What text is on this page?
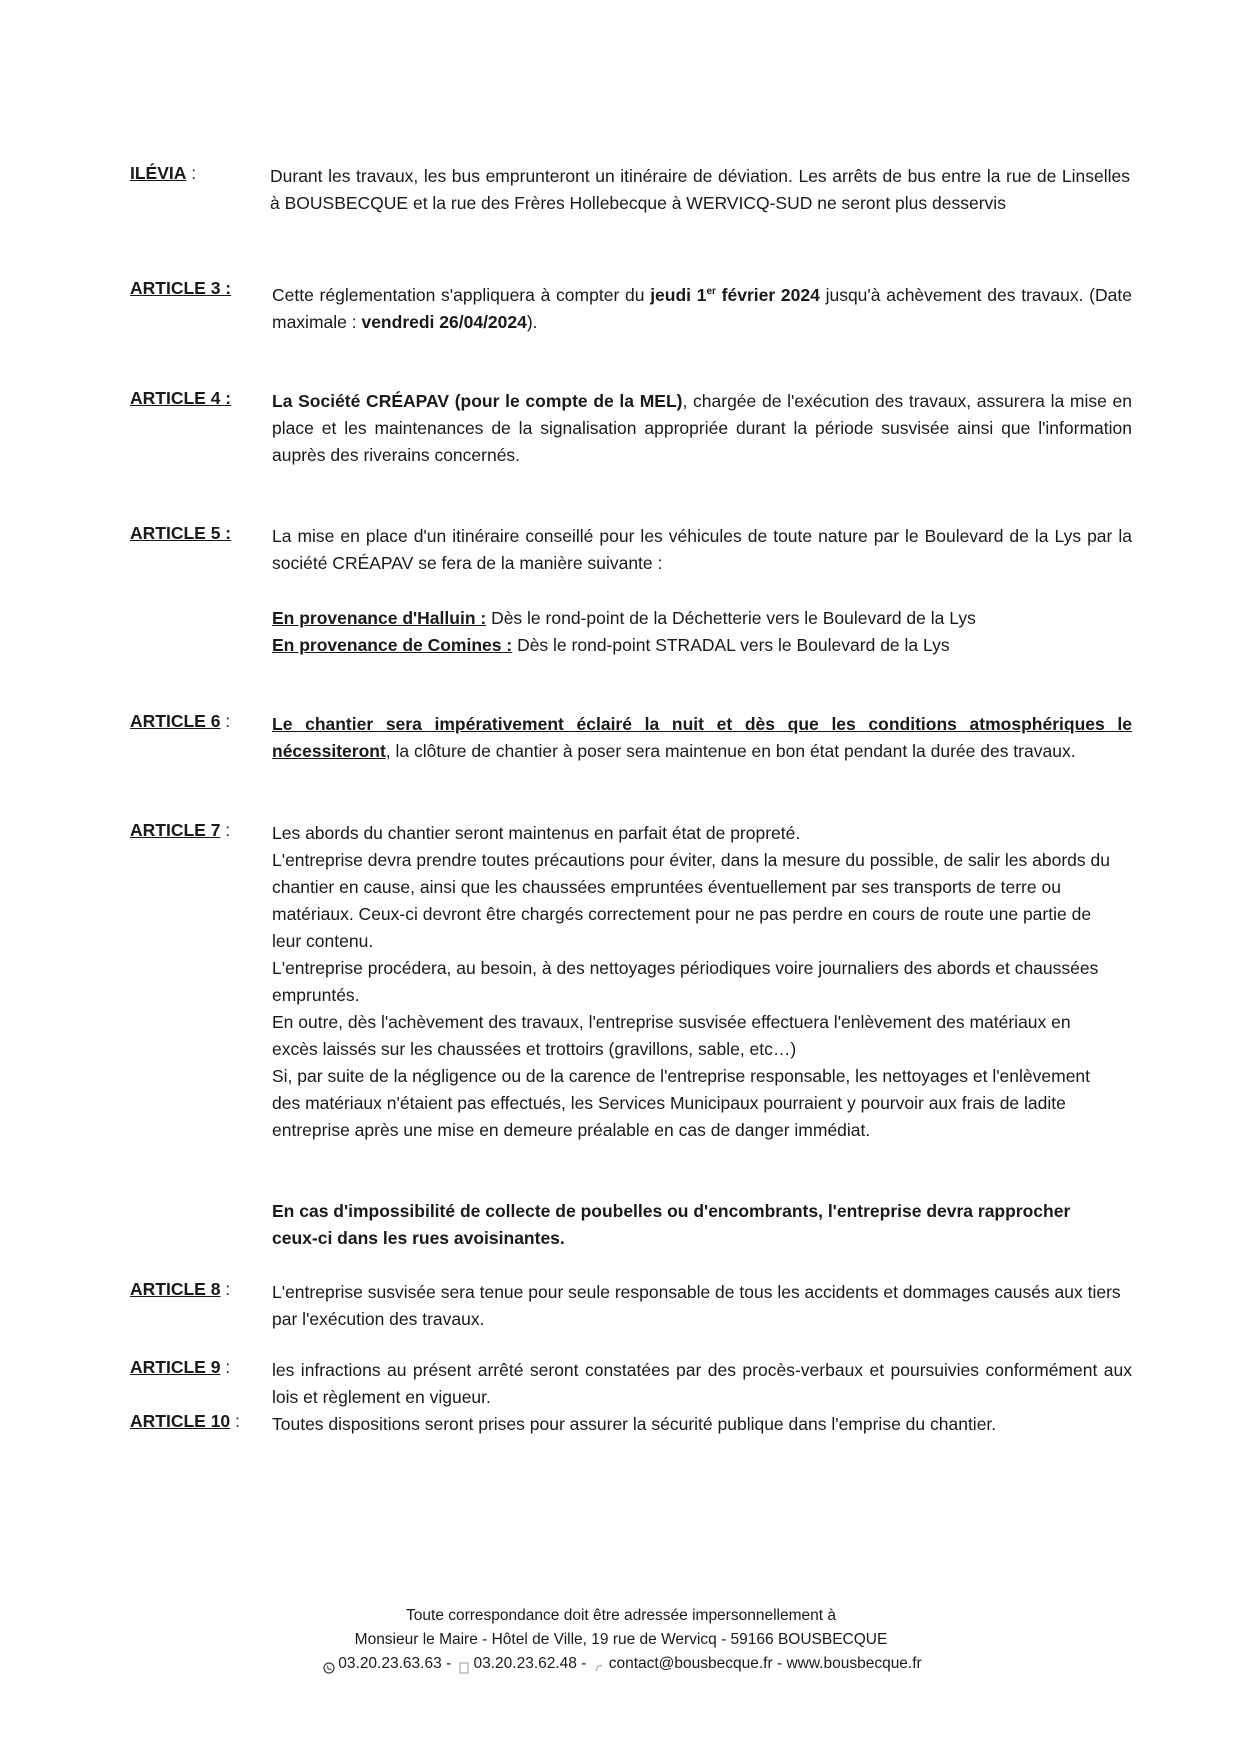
ILÉVIA :	Durant les travaux, les bus emprunteront un itinéraire de déviation. Les arrêts de bus entre la rue de Linselles à BOUSBECQUE et la rue des Frères Hollebecque à WERVICQ-SUD ne seront plus desservis
ARTICLE 3 : Cette réglementation s'appliquera à compter du jeudi 1er février 2024 jusqu'à achèvement des travaux. (Date maximale : vendredi 26/04/2024).
ARTICLE 4 : La Société CRÉAPAV (pour le compte de la MEL), chargée de l'exécution des travaux, assurera la mise en place et les maintenances de la signalisation appropriée durant la période susvisée ainsi que l'information auprès des riverains concernés.
ARTICLE 5 : La mise en place d'un itinéraire conseillé pour les véhicules de toute nature par le Boulevard de la Lys par la société CRÉAPAV se fera de la manière suivante :
En provenance d'Halluin : Dès le rond-point de la Déchetterie vers le Boulevard de la Lys
En provenance de Comines : Dès le rond-point STRADAL vers le Boulevard de la Lys
ARTICLE 6 : Le chantier sera impérativement éclairé la nuit et dès que les conditions atmosphériques le nécessiteront, la clôture de chantier à poser sera maintenue en bon état pendant la durée des travaux.
ARTICLE 7 : Les abords du chantier seront maintenus en parfait état de propreté.
L'entreprise devra prendre toutes précautions pour éviter, dans la mesure du possible, de salir les abords du chantier en cause, ainsi que les chaussées empruntées éventuellement par ses transports de terre ou matériaux. Ceux-ci devront être chargés correctement pour ne pas perdre en cours de route une partie de leur contenu.
L'entreprise procédera, au besoin, à des nettoyages périodiques voire journaliers des abords et chaussées empruntés.
En outre, dès l'achèvement des travaux, l'entreprise susvisée effectuera l'enlèvement des matériaux en excès laissés sur les chaussées et trottoirs (gravillons, sable, etc…)
Si, par suite de la négligence ou de la carence de l'entreprise responsable, les nettoyages et l'enlèvement des matériaux n'étaient pas effectués, les Services Municipaux pourraient y pourvoir aux frais de ladite entreprise après une mise en demeure préalable en cas de danger immédiat.
En cas d'impossibilité de collecte de poubelles ou d'encombrants, l'entreprise devra rapprocher ceux-ci dans les rues avoisinantes.
ARTICLE 8 : L'entreprise susvisée sera tenue pour seule responsable de tous les accidents et dommages causés aux tiers par l'exécution des travaux.
ARTICLE 9 : les infractions au présent arrêté seront constatées par des procès-verbaux et poursuivies conformément aux lois et règlement en vigueur.
ARTICLE 10 : Toutes dispositions seront prises pour assurer la sécurité publique dans l'emprise du chantier.
Toute correspondance doit être adressée impersonnellement à
Monsieur le Maire - Hôtel de Ville, 19 rue de Wervicq - 59166 BOUSBECQUE
03.20.23.63.63 - 03.20.23.62.48 - contact@bousbecque.fr - www.bousbecque.fr
